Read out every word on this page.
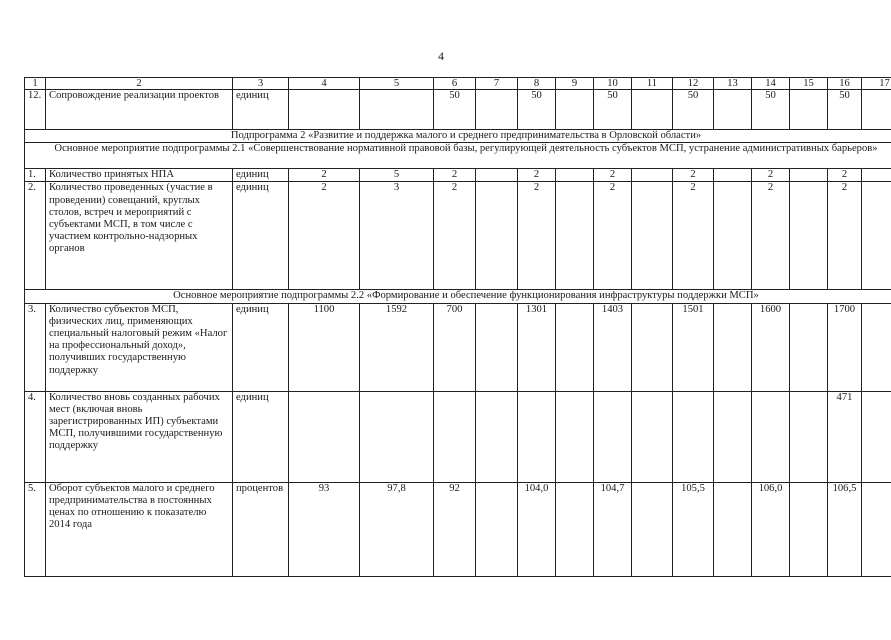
4
1	2	3	4	5	6	7	8	9	10	11	12	13	14	15	16	17
12.	Сопровождение реализации проектов	единиц			50		50		50		50		50		50	
Подпрограмма 2 «Развитие и поддержка малого и среднего предпринимательства в Орловской области»																
Основное мероприятие подпрограммы 2.1 «Совершенствование нормативной правовой базы, регулирующей деятельность субъектов МСП, устранение административных барьеров»																
1.	Количество принятых НПА	единиц	2	5	2		2		2		2		2		2	
2.	Количество проведенных (участие в проведении) совещаний, круглых столов, встреч и мероприятий с субъектами МСП, в том числе с участием контрольно-надзорных органов	единиц	2	3	2		2		2		2		2		2	
Основное мероприятие подпрограммы 2.2 «Формирование и обеспечение функционирования инфраструктуры поддержки МСП»																
3.	Количество субъектов МСП, физических лиц, применяющих специальный налоговый режим «Налог на профессиональный доход», получивших государственную поддержку	единиц	1100	1592	700		1301		1403		1501		1600		1700	
4.	Количество вновь созданных рабочих мест (включая вновь зарегистрированных ИП) субъектами МСП, получившими государственную поддержку	единиц													471	
5.	Оборот субъектов малого и среднего предпринимательства в постоянных ценах по отношению к показателю 2014 года	процентов	93	97,8	92		104,0		104,7		105,5		106,0		106,5	
